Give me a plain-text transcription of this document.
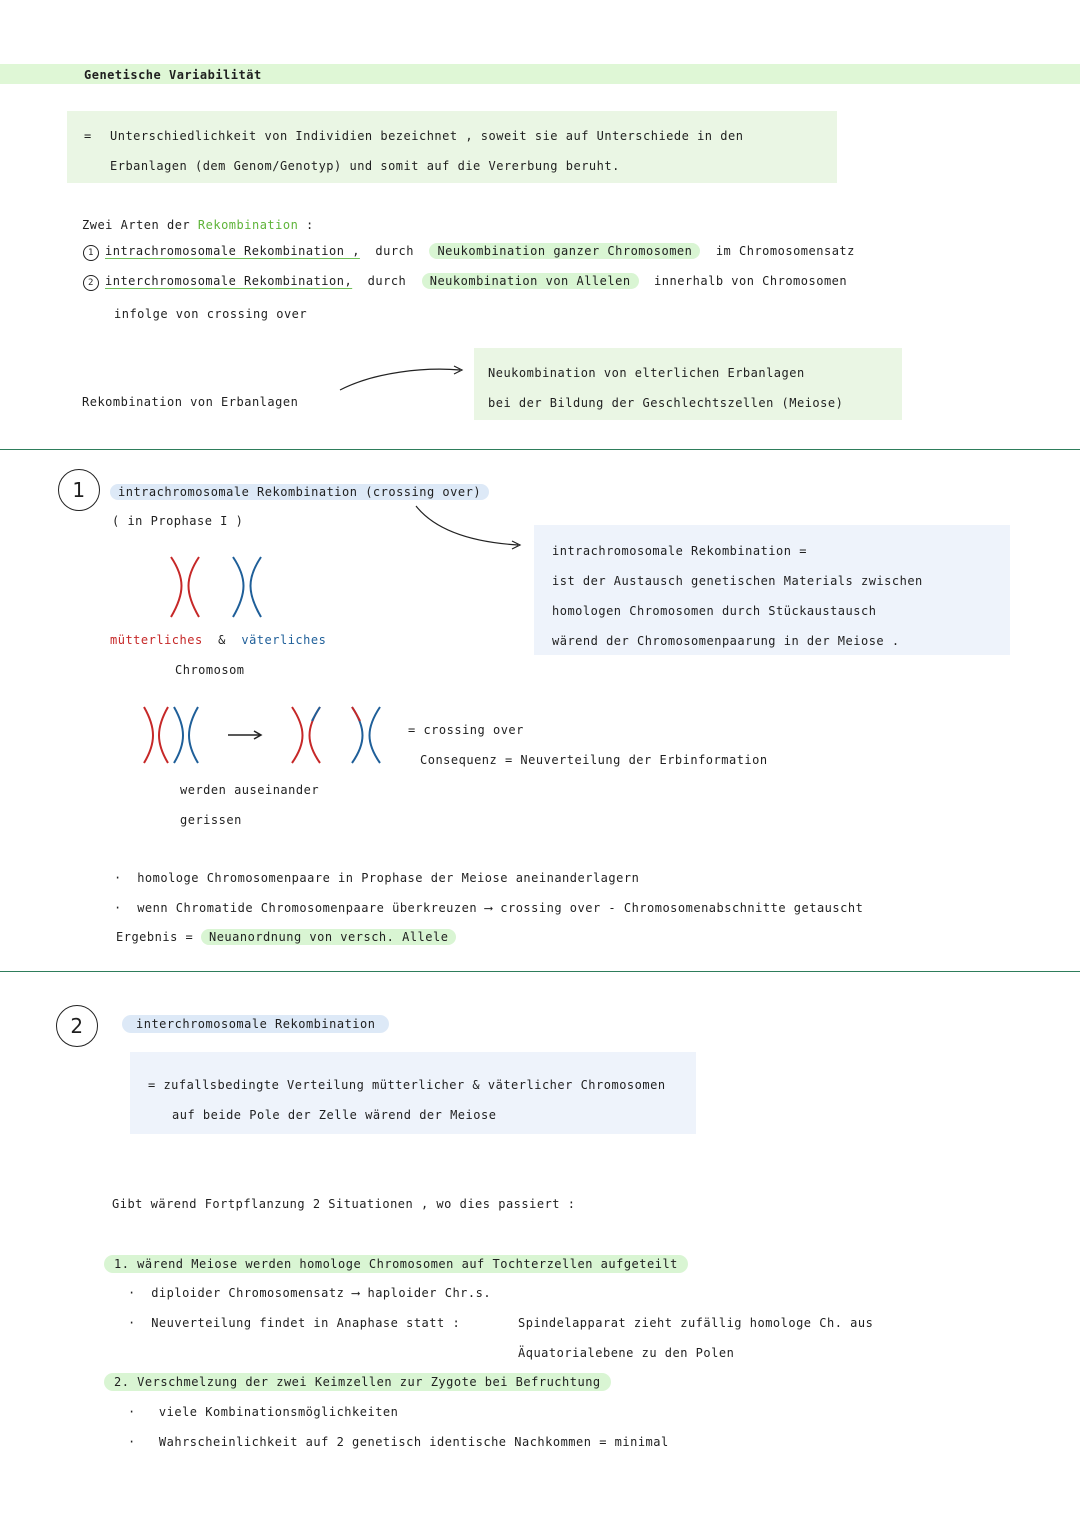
Genetische Variabilität
= Unterschiedlichkeit von Individien bezeichnet , soweit sie auf Unterschiede in den
Erbanlagen (dem Genom/Genotyp) und somit auf die Vererbung beruht.
Zwei Arten der Rekombination :
1 intrachromosomale Rekombination , durch Neukombination ganzer Chromosomen im Chromosomensatz
2 interchromosomale Rekombination, durch Neukombination von Allelen innerhalb von Chromosomen
infolge von crossing over
Rekombination von Erbanlagen
Neukombination von elterlichen Erbanlagen
bei der Bildung der Geschlechtszellen (Meiose)
1	intrachromosomale Rekombination (crossing over)
( in Prophase I )
intrachromosomale Rekombination =
ist der Austausch genetischen Materials zwischen
homologen Chromosomen durch Stückaustausch
wärend der Chromosomenpaarung in der Meiose .
mütterliches & väterliches
Chromosom
= crossing over
Consequenz = Neuverteilung der Erbinformation
werden auseinander
gerissen
·  homologe Chromosomenpaare in Prophase der Meiose aneinanderlagern
·  wenn Chromatide Chromosomenpaare überkreuzen ⟶ crossing over - Chromosomenabschnitte getauscht
Ergebnis = Neuanordnung von versch. Allele
2	interchromosomale Rekombination
= zufallsbedingte Verteilung mütterlicher & väterlicher Chromosomen
auf beide Pole der Zelle wärend der Meiose
Gibt wärend Fortpflanzung 2 Situationen , wo dies passiert :
1. wärend Meiose werden homologe Chromosomen auf Tochterzellen aufgeteilt
·  diploider Chromosomensatz ⟶ haploider Chr.s.
·  Neuverteilung findet in Anaphase statt :	Spindelapparat zieht zufällig homologe Ch. aus
Äquatorialebene zu den Polen
2. Verschmelzung der zwei Keimzellen zur Zygote bei Befruchtung
·   viele Kombinationsmöglichkeiten
·   Wahrscheinlichkeit auf 2 genetisch identische Nachkommen = minimal
